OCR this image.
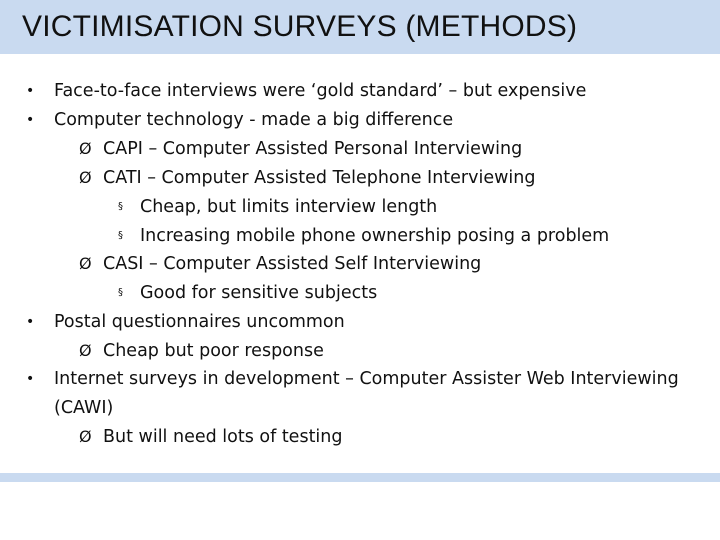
VICTIMISATION SURVEYS (METHODS)
• Face-to-face interviews were ‘gold standard’ – but expensive
• Computer technology - made a big difference
Ø CAPI – Computer Assisted Personal Interviewing
Ø CATI – Computer Assisted Telephone Interviewing
§ Cheap, but limits interview length
§ Increasing mobile phone ownership posing a problem
Ø CASI – Computer Assisted Self Interviewing
§ Good for sensitive subjects
• Postal questionnaires uncommon
Ø Cheap but poor response
• Internet surveys in development – Computer Assister Web Interviewing
(CAWI)
Ø But will need lots of testing
